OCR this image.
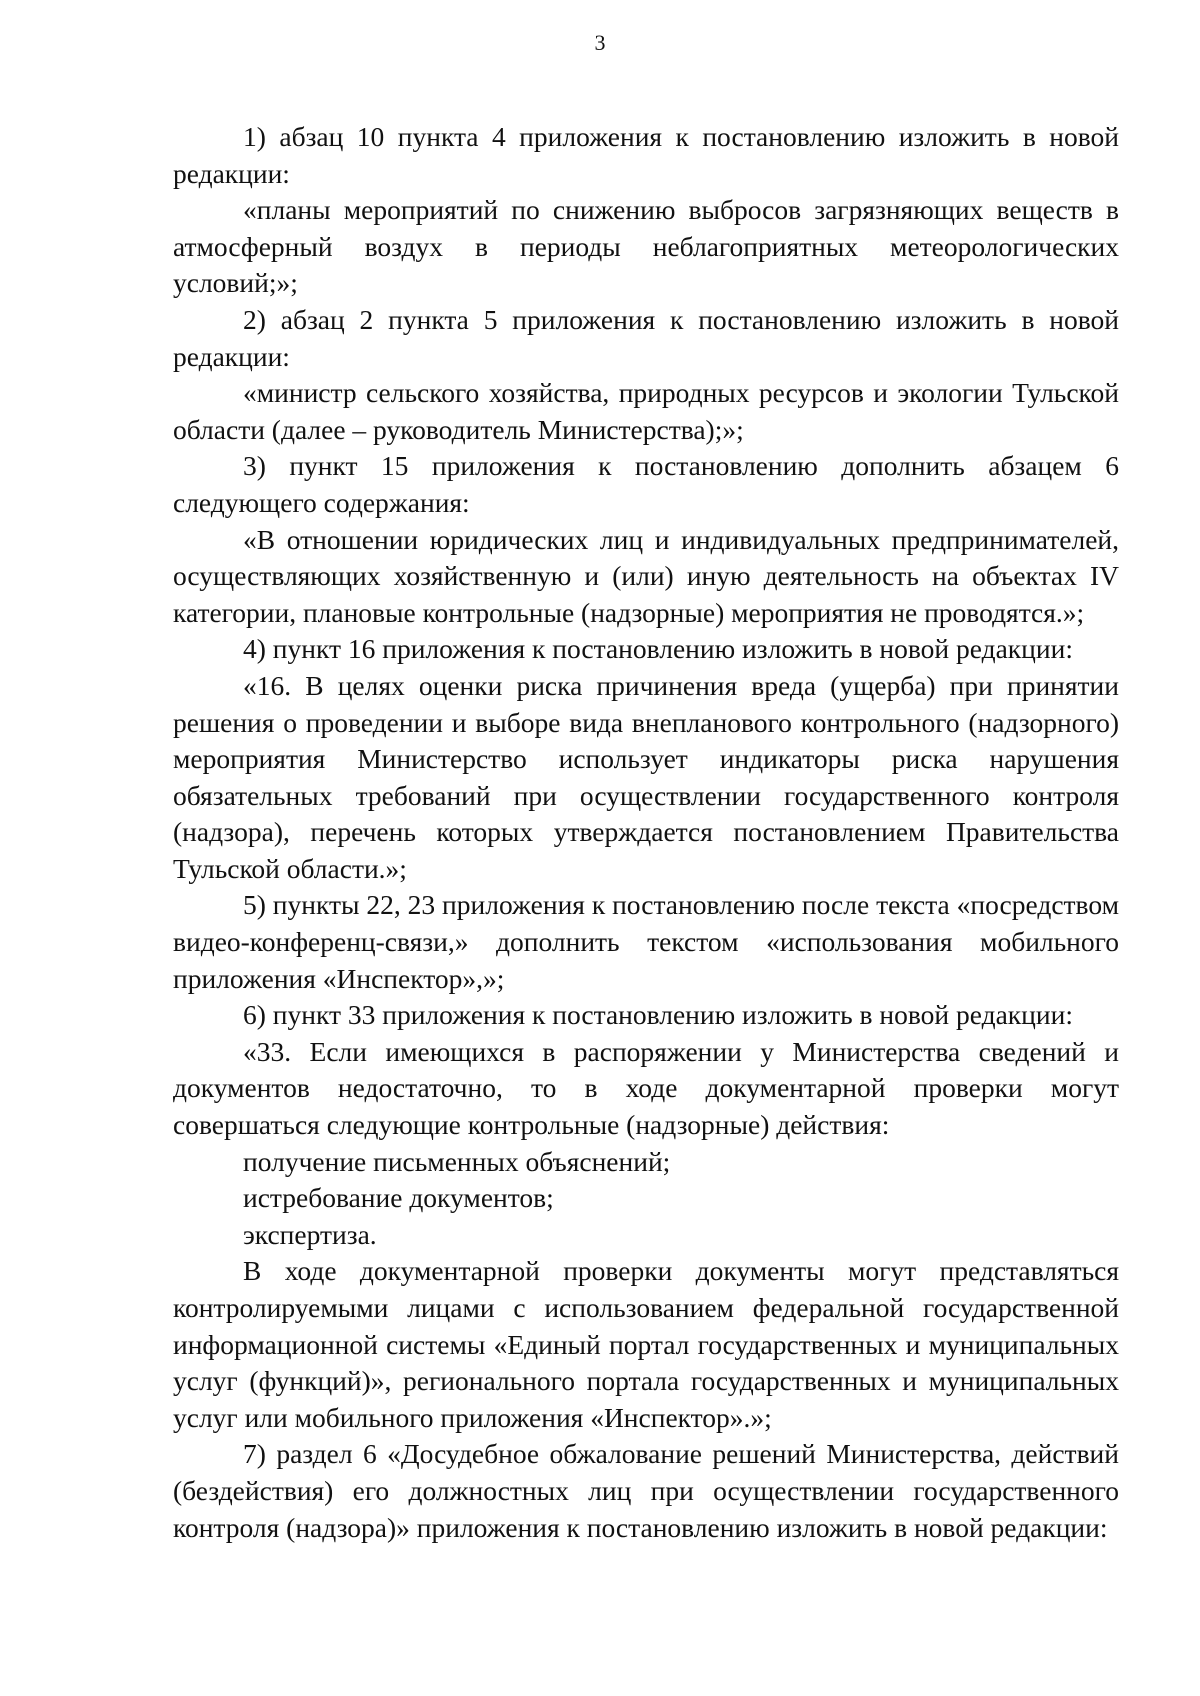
3

1) абзац 10 пункта 4 приложения к постановлению изложить в новой редакции:

«планы мероприятий по снижению выбросов загрязняющих веществ в атмосферный воздух в периоды неблагоприятных метеорологических условий;»;

2) абзац 2 пункта 5 приложения к постановлению изложить в новой редакции:

«министр сельского хозяйства, природных ресурсов и экологии Тульской области (далее – руководитель Министерства);»;

3) пункт 15 приложения к постановлению дополнить абзацем 6 следующего содержания:

«В отношении юридических лиц и индивидуальных предпринимателей, осуществляющих хозяйственную и (или) иную деятельность на объектах IV категории, плановые контрольные (надзорные) мероприятия не проводятся.»;

4) пункт 16 приложения к постановлению изложить в новой редакции:

«16. В целях оценки риска причинения вреда (ущерба) при принятии решения о проведении и выборе вида внепланового контрольного (надзорного) мероприятия Министерство использует индикаторы риска нарушения обязательных требований при осуществлении государственного контроля (надзора), перечень которых утверждается постановлением Правительства Тульской области.»;

5) пункты 22, 23 приложения к постановлению после текста «посредством видео-конференц-связи,» дополнить текстом «использования мобильного приложения «Инспектор»,»;

6) пункт 33 приложения к постановлению изложить в новой редакции:

«33. Если имеющихся в распоряжении у Министерства сведений и документов недостаточно, то в ходе документарной проверки могут совершаться следующие контрольные (надзорные) действия:

получение письменных объяснений;

истребование документов;

экспертиза.

В ходе документарной проверки документы могут представляться контролируемыми лицами с использованием федеральной государственной информационной системы «Единый портал государственных и муниципальных услуг (функций)», регионального портала государственных и муниципальных услуг или мобильного приложения «Инспектор».»;

7) раздел 6 «Досудебное обжалование решений Министерства, действий (бездействия) его должностных лиц при осуществлении государственного контроля (надзора)» приложения к постановлению изложить в новой редакции:
